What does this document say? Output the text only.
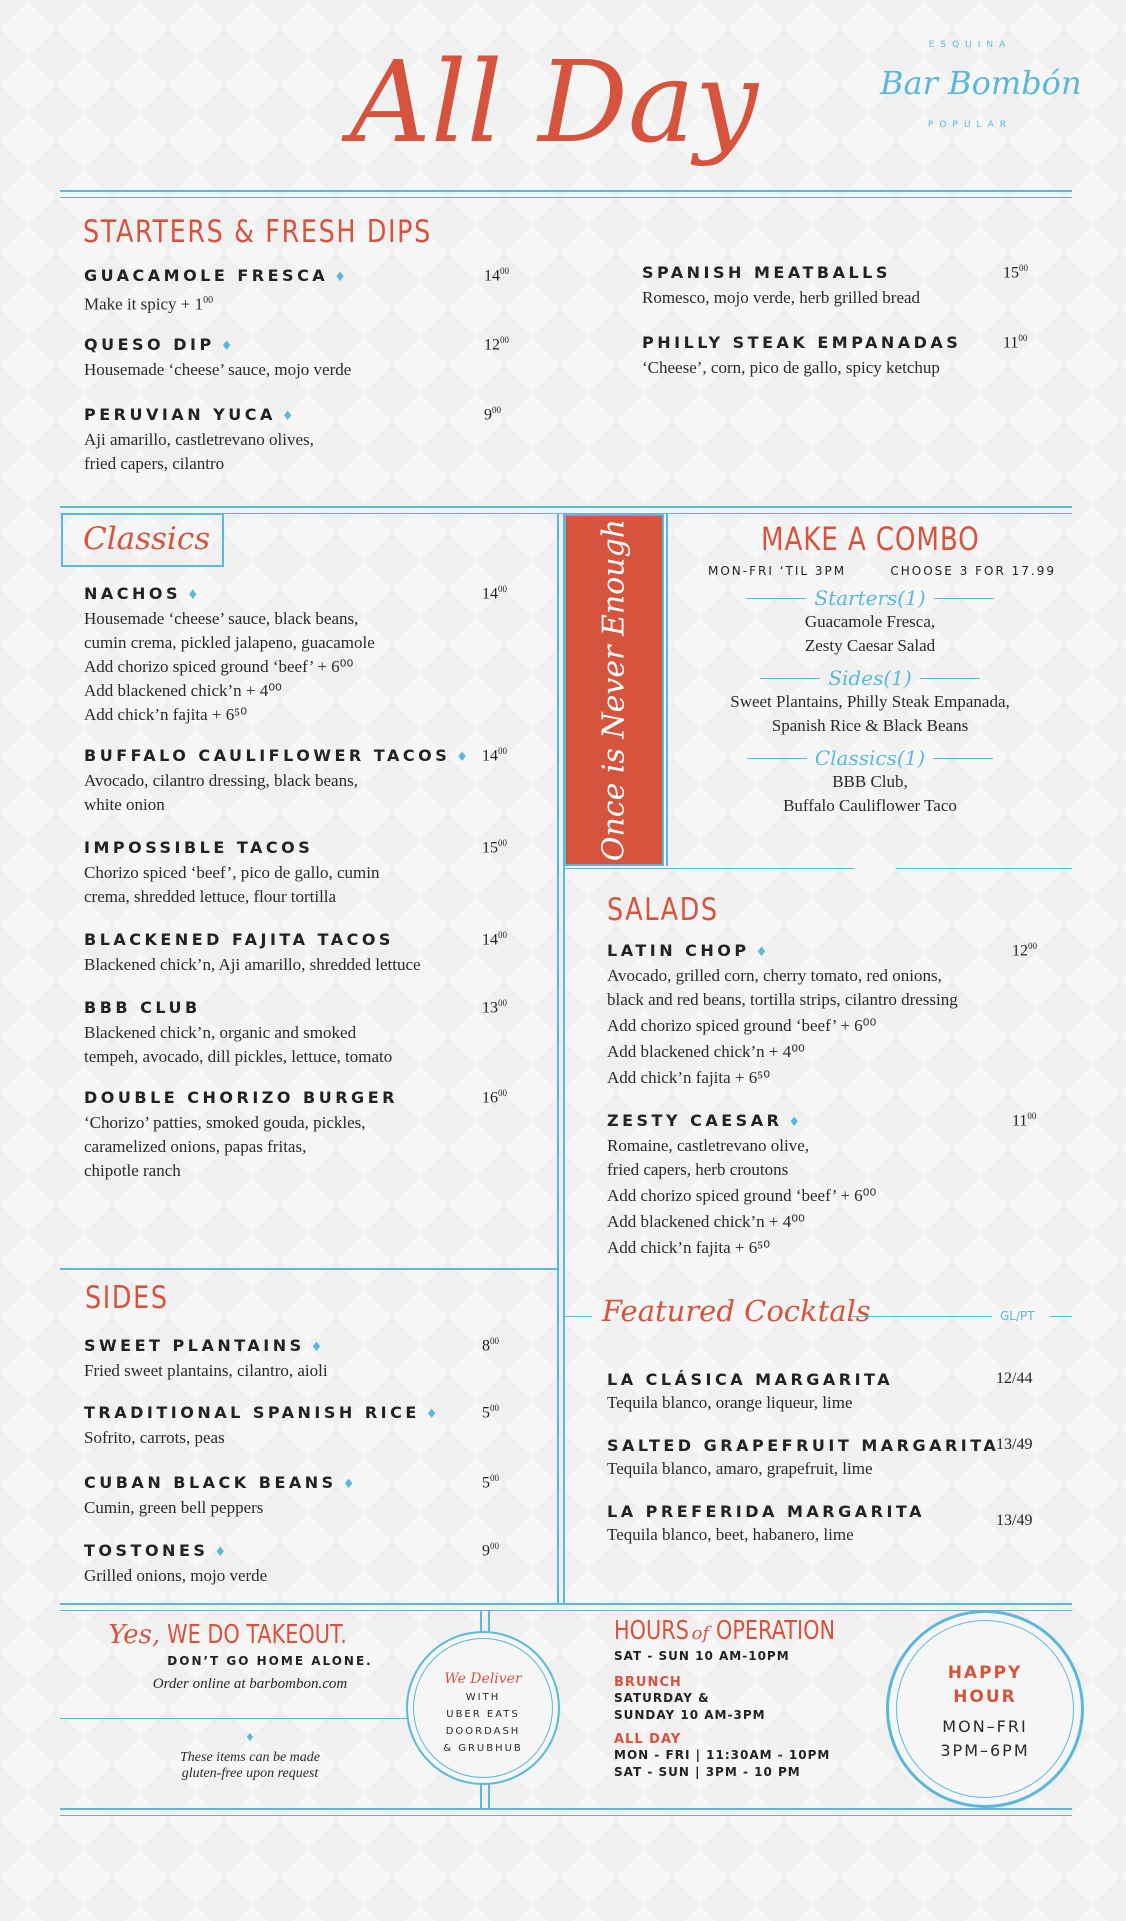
All Day	ESQUINA
Bar Bombón
POPULAR
STARTERS & FRESH DIPS
GUACAMOLE FRESCA ♦
Make it spicy + $1^{00}$
$14^{00}$
QUESO DIP ♦
Housemade ‘cheese’ sauce, mojo verde
$12^{00}$
PERUVIAN YUCA ♦
Aji amarillo, castletrevano olives,
fried capers, cilantro
$9^{00}$
SPANISH MEATBALLS
Romesco, mojo verde, herb grilled bread
$15^{00}$
PHILLY STEAK EMPANADAS
‘Cheese’, corn, pico de gallo, spicy ketchup
$11^{00}$
Classics
NACHOS ♦
Housemade ‘cheese’ sauce, black beans,
cumin crema, pickled jalapeno, guacamole
Add chorizo spiced ground ‘beef’ + 6⁰⁰
Add blackened chick’n + 4⁰⁰
Add chick’n fajita + 6⁵⁰
$14^{00}$
BUFFALO CAULIFLOWER TACOS ♦
Avocado, cilantro dressing, black beans,
white onion
$14^{00}$
IMPOSSIBLE TACOS
Chorizo spiced ‘beef’, pico de gallo, cumin
crema, shredded lettuce, flour tortilla
$15^{00}$
BLACKENED FAJITA TACOS
Blackened chick’n, Aji amarillo, shredded lettuce
$14^{00}$
BBB CLUB
Blackened chick’n, organic and smoked
tempeh, avocado, dill pickles, lettuce, tomato
$13^{00}$
DOUBLE CHORIZO BURGER
‘Chorizo’ patties, smoked gouda, pickles,
caramelized onions, papas fritas,
chipotle ranch
$16^{00}$
Once is Never Enough	MAKE A COMBO
MON-FRI ‘TIL 3PM	CHOOSE 3 FOR 17.99
Starters(1)
Guacamole Fresca,
Zesty Caesar Salad
Sides(1)
Sweet Plantains, Philly Steak Empanada,
Spanish Rice & Black Beans
Classics(1)
BBB Club,
Buffalo Cauliflower Taco
SALADS
LATIN CHOP ♦
Avocado, grilled corn, cherry tomato, red onions,
black and red beans, tortilla strips, cilantro dressing
Add chorizo spiced ground ‘beef’ + 6⁰⁰
Add blackened chick’n + 4⁰⁰
Add chick’n fajita + 6⁵⁰
$12^{00}$
ZESTY CAESAR ♦
Romaine, castletrevano olive,
fried capers, herb croutons
Add chorizo spiced ground ‘beef’ + 6⁰⁰
Add blackened chick’n + 4⁰⁰
Add chick’n fajita + 6⁵⁰
$11^{00}$
SIDES
SWEET PLANTAINS ♦
Fried sweet plantains, cilantro, aioli
$8^{00}$
TRADITIONAL SPANISH RICE ♦
Sofrito, carrots, peas
$5^{00}$
CUBAN BLACK BEANS ♦
Cumin, green bell peppers
$5^{00}$
TOSTONES ♦
Grilled onions, mojo verde
$9^{00}$
Featured Cocktals	GL/PT
LA CLÁSICA MARGARITA
Tequila blanco, orange liqueur, lime
12/44
SALTED GRAPEFRUIT MARGARITA
Tequila blanco, amaro, grapefruit, lime
13/49
LA PREFERIDA MARGARITA
Tequila blanco, beet, habanero, lime
13/49
Yes, WE DO TAKEOUT.
DON’T GO HOME ALONE.
Order online at barbombon.com
♦
These items can be made
gluten-free upon request
We Deliver
WITH
UBER EATS
DOORDASH
& GRUBHUB
HOURS of OPERATION
SAT - SUN 10 AM-10PM
BRUNCH
SATURDAY &
SUNDAY 10 AM-3PM
ALL DAY
MON - FRI | 11:30AM - 10PM
SAT - SUN | 3PM - 10 PM
HAPPY
HOUR
MON–FRI
3PM–6PM
